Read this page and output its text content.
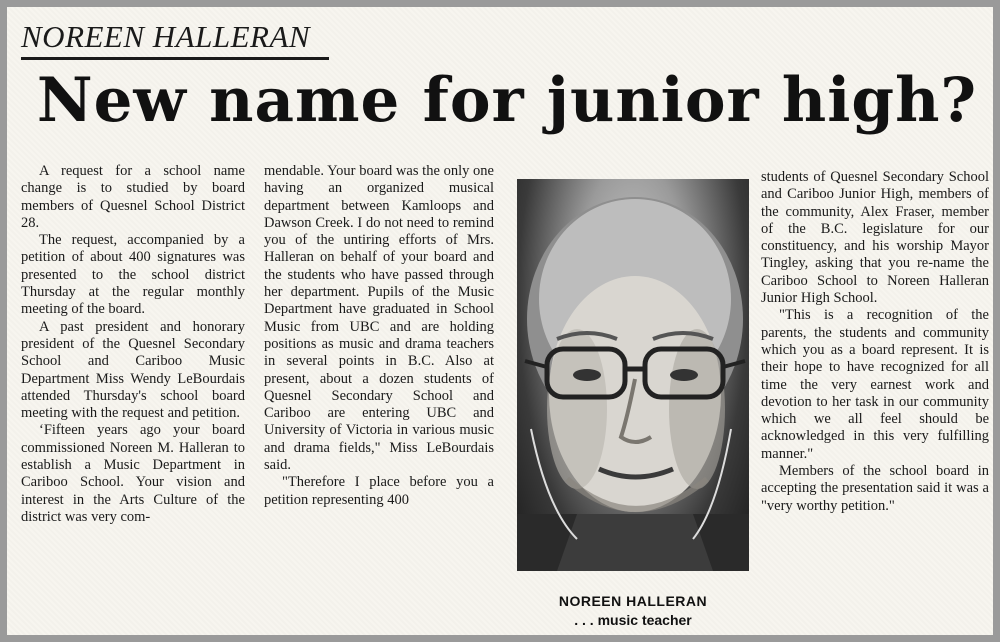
NOREEN HALLERAN
New name for junior high?

A request for a school name change is to studied by board members of Quesnel School District 28.

The request, accompanied by a petition of about 400 signatures was presented to the school district Thursday at the regular monthly meeting of the board.

A past president and honorary president of the Quesnel Secondary School and Cariboo Music Department Miss Wendy LeBourdais attended Thursday's school board meeting with the request and petition.

‘Fifteen years ago your board commissioned Noreen M. Halleran to establish a Music Department in Cariboo School. Your vision and interest in the Arts Culture of the district was very com-

mendable. Your board was the only one having an organized musical department between Kamloops and Dawson Creek. I do not need to remind you of the untiring efforts of Mrs. Halleran on behalf of your board and the students who have passed through her department. Pupils of the Music Department have graduated in School Music from UBC and are holding positions as music and drama teachers in several points in B.C. Also at present, about a dozen students of Quesnel Secondary School and Cariboo are entering UBC and University of Victoria in various music and drama fields," Miss LeBourdais said.

"Therefore I place before you a petition representing 400

NOREEN HALLERAN
. . . music teacher

students of Quesnel Secondary School and Cariboo Junior High, members of the community, Alex Fraser, member of the B.C. legislature for our constituency, and his worship Mayor Tingley, asking that you re-name the Cariboo School to Noreen Halleran Junior High School.

"This is a recognition of the parents, the students and community which you as a board represent. It is their hope to have recognized for all time the very earnest work and devotion to her task in our community which we all feel should be acknowledged in this very fulfilling manner."

Members of the school board in accepting the presentation said it was a "very worthy petition."
